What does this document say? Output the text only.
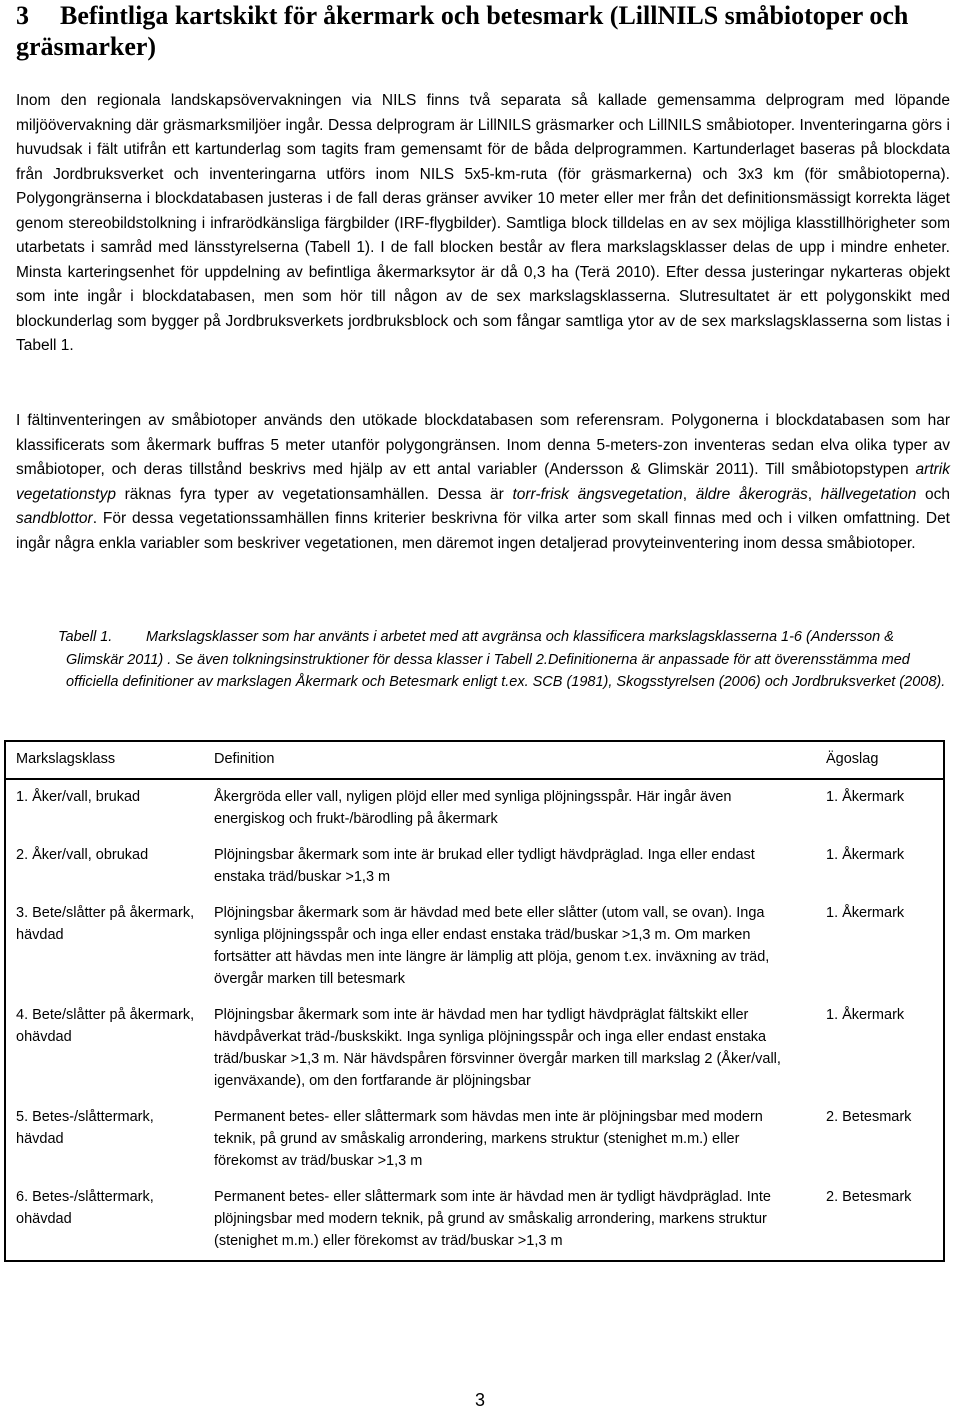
3 Befintliga kartskikt för åkermark och betesmark (LillNILS småbiotoper och gräsmarker)

Inom den regionala landskapsövervakningen via NILS finns två separata så kallade gemensamma delprogram med löpande miljöövervakning där gräsmarksmiljöer ingår. Dessa delprogram är LillNILS gräsmarker och LillNILS småbiotoper. Inventeringarna görs i huvudsak i fält utifrån ett kartunderlag som tagits fram gemensamt för de båda delprogrammen. Kartunderlaget baseras på blockdata från Jordbruksverket och inventeringarna utförs inom NILS 5x5-km-ruta (för gräsmarkerna) och 3x3 km (för småbiotoperna). Polygongränserna i blockdatabasen justeras i de fall deras gränser avviker 10 meter eller mer från det definitionsmässigt korrekta läget genom stereobildstolkning i infrarödkänsliga färgbilder (IRF-flygbilder). Samtliga block tilldelas en av sex möjliga klasstillhörigheter som utarbetats i samråd med länsstyrelserna (Tabell 1). I de fall blocken består av flera markslagsklasser delas de upp i mindre enheter. Minsta karteringsenhet för uppdelning av befintliga åkermarksytor är då 0,3 ha (Terä 2010). Efter dessa justeringar nykarteras objekt som inte ingår i blockdatabasen, men som hör till någon av de sex markslagsklasserna. Slutresultatet är ett polygonskikt med blockunderlag som bygger på Jordbruksverkets jordbruksblock och som fångar samtliga ytor av de sex markslagsklasserna som listas i Tabell 1.

I fältinventeringen av småbiotoper används den utökade blockdatabasen som referensram. Polygonerna i blockdatabasen som har klassificerats som åkermark buffras 5 meter utanför polygongränsen. Inom denna 5-meters-zon inventeras sedan elva olika typer av småbiotoper, och deras tillstånd beskrivs med hjälp av ett antal variabler (Andersson & Glimskär 2011). Till småbiotopstypen artrik vegetationstyp räknas fyra typer av vegetationsamhällen. Dessa är torr-frisk ängsvegetation, äldre åkerogräs, hällvegetation och sandblottor. För dessa vegetationssamhällen finns kriterier beskrivna för vilka arter som skall finnas med och i vilken omfattning. Det ingår några enkla variabler som beskriver vegetationen, men däremot ingen detaljerad provyteinventering inom dessa småbiotoper.

Tabell 1.	Markslagsklasser som har använts i arbetet med att avgränsa och klassificera markslagsklasserna 1-6 (Andersson & Glimskär 2011) . Se även tolkningsinstruktioner för dessa klasser i Tabell 2.Definitionerna är anpassade för att överensstämma med officiella definitioner av markslagen Åkermark och Betesmark enligt t.ex. SCB (1981), Skogsstyrelsen (2006) och Jordbruksverket (2008).
Markslagsklass	Definition	Ägoslag
1. Åker/vall, brukad	Åkergröda eller vall, nyligen plöjd eller med synliga plöjningsspår. Här ingår även energiskog och frukt-/bärodling på åkermark	1. Åkermark
2. Åker/vall, obrukad	Plöjningsbar åkermark som inte är brukad eller tydligt hävdpräglad. Inga eller endast enstaka träd/buskar >1,3 m	1. Åkermark
3. Bete/slåtter på åkermark, hävdad	Plöjningsbar åkermark som är hävdad med bete eller slåtter (utom vall, se ovan). Inga synliga plöjningsspår och inga eller endast enstaka träd/buskar >1,3 m. Om marken fortsätter att hävdas men inte längre är lämplig att plöja, genom t.ex. inväxning av träd, övergår marken till betesmark	1. Åkermark
4. Bete/slåtter på åkermark, ohävdad	Plöjningsbar åkermark som inte är hävdad men har tydligt hävdpräglat fältskikt eller hävdpåverkat träd-/buskskikt. Inga synliga plöjningsspår och inga eller endast enstaka träd/buskar >1,3 m. När hävdspåren försvinner övergår marken till markslag 2 (Åker/vall, igenväxande), om den fortfarande är plöjningsbar	1. Åkermark
5. Betes-/slåttermark, hävdad	Permanent betes- eller slåttermark som hävdas men inte är plöjningsbar med modern teknik, på grund av småskalig arrondering, markens struktur (stenighet m.m.) eller förekomst av träd/buskar >1,3 m	2. Betesmark
6. Betes-/slåttermark, ohävdad	Permanent betes- eller slåttermark som inte är hävdad men är tydligt hävdpräglad. Inte plöjningsbar med modern teknik, på grund av småskalig arrondering, markens struktur (stenighet m.m.) eller förekomst av träd/buskar >1,3 m	2. Betesmark
3
